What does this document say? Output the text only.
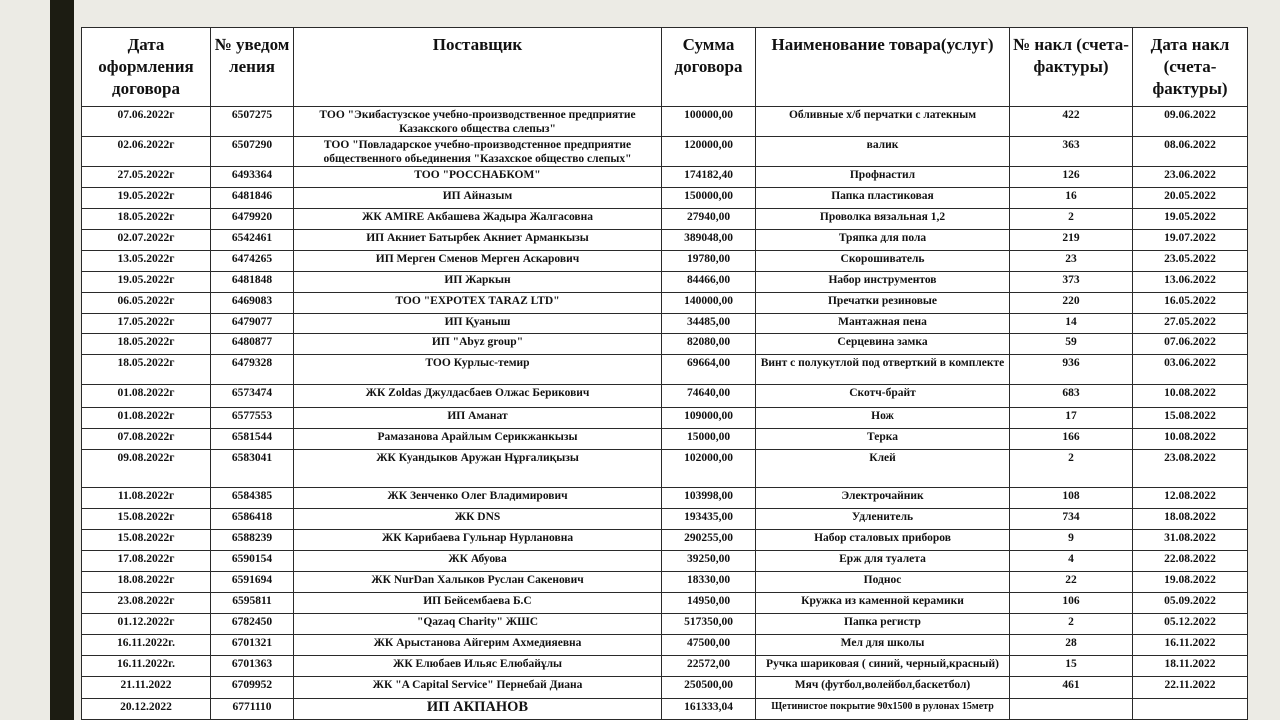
Дата оформления договора	№ уведом ления	Поставщик	Сумма договора	Наименование товара(услуг)	№ накл (счета-фактуры)	Дата накл (счета-фактуры)
07.06.2022г	6507275	ТОО "Экибастузское учебно-производственное предприятие Казакского общества слепыз"	100000,00	Обливные х/б перчатки с латекным	422	09.06.2022
02.06.2022г	6507290	ТОО "Повладарское учебно-производстенное предприятие общественного обьединения "Казахское общество слепых"	120000,00	валик	363	08.06.2022
27.05.2022г	6493364	ТОО "РОССНАБКОМ"	174182,40	Профнастил	126	23.06.2022
19.05.2022г	6481846	ИП Айназым	150000,00	Папка пластиковая	16	20.05.2022
18.05.2022г	6479920	ЖК AMIRE Акбашева Жадыра Жалгасовна	27940,00	Проволка вязальная 1,2	2	19.05.2022
02.07.2022г	6542461	ИП Акниет Батырбек Акниет Арманкызы	389048,00	Тряпка для пола	219	19.07.2022
13.05.2022г	6474265	ИП Мерген Сменов Мерген Аскарович	19780,00	Скорошиватель	23	23.05.2022
19.05.2022г	6481848	ИП Жаркын	84466,00	Набор инструментов	373	13.06.2022
06.05.2022г	6469083	ТОО "EXPOTEX TARAZ LTD"	140000,00	Пречатки резиновые	220	16.05.2022
17.05.2022г	6479077	ИП Қуаныш	34485,00	Мантажная пена	14	27.05.2022
18.05.2022г	6480877	ИП "Abyz group"	82080,00	Серцевина замка	59	07.06.2022
18.05.2022г	6479328	ТОО Курлыс-темир	69664,00	Винт с полукутлой под отверткий в комплекте	936	03.06.2022
01.08.2022г	6573474	ЖК Zoldas Джулдасбаев Олжас Берикович	74640,00	Скотч-брайт	683	10.08.2022
01.08.2022г	6577553	ИП Аманат	109000,00	Нож	17	15.08.2022
07.08.2022г	6581544	Рамазанова Арайлым Серикжанкызы	15000,00	Терка	166	10.08.2022
09.08.2022г	6583041	ЖК Куандыков Аружан Нұрғалиқызы	102000,00	Клей	2	23.08.2022
11.08.2022г	6584385	ЖК Зенченко Олег Владимирович	103998,00	Электрочайник	108	12.08.2022
15.08.2022г	6586418	ЖК DNS	193435,00	Удленитель	734	18.08.2022
15.08.2022г	6588239	ЖК Карибаева Гульнар Нурлановна	290255,00	Набор сталовых приборов	9	31.08.2022
17.08.2022г	6590154	ЖК Абуова	39250,00	Ерж для туалета	4	22.08.2022
18.08.2022г	6591694	ЖК NurDan Халыков Руслан Сакенович	18330,00	Поднос	22	19.08.2022
23.08.2022г	6595811	ИП Бейсембаева Б.С	14950,00	Кружка из каменной керамики	106	05.09.2022
01.12.2022г	6782450	"Qazaq Charity" ЖШС	517350,00	Папка регистр	2	05.12.2022
16.11.2022г.	6701321	ЖК Арыстанова Айгерим Ахмедияевна	47500,00	Мел для школы	28	16.11.2022
16.11.2022г.	6701363	ЖК Елюбаев Ильяс Елюбайұлы	22572,00	Ручка шариковая ( синий, черный,красный)	15	18.11.2022
21.11.2022	6709952	ЖК "A Capital Service" Пернебай Диана	250500,00	Мяч (футбол,волейбол,баскетбол)	461	22.11.2022
20.12.2022	6771110	ИП АКПАНОВ	161333,04	Щетинистое покрытие 90х1500 в рулонах 15метр		
